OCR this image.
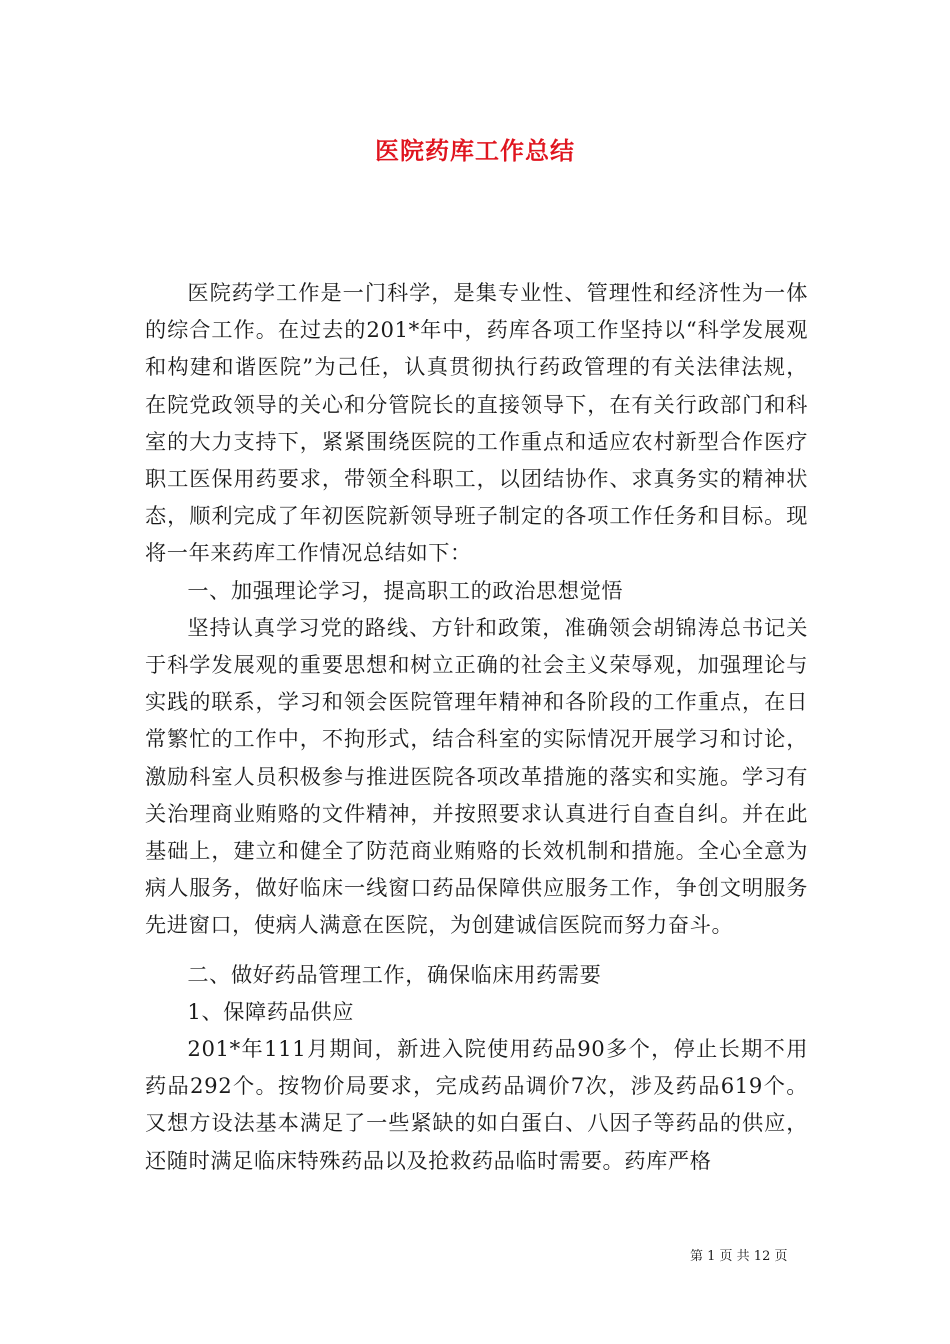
医院药库工作总结

医院药学工作是一门科学，是集专业性、管理性和经济性为一体的综合工作。在过去的201*年中，药库各项工作坚持以“科学发展观和构建和谐医院”为己任，认真贯彻执行药政管理的有关法律法规，在院党政领导的关心和分管院长的直接领导下，在有关行政部门和科室的大力支持下，紧紧围绕医院的工作重点和适应农村新型合作医疗职工医保用药要求，带领全科职工，以团结协作、求真务实的精神状态，顺利完成了年初医院新领导班子制定的各项工作任务和目标。现将一年来药库工作情况总结如下：

一、加强理论学习，提高职工的政治思想觉悟

坚持认真学习党的路线、方针和政策，准确领会胡锦涛总书记关于科学发展观的重要思想和树立正确的社会主义荣辱观，加强理论与实践的联系，学习和领会医院管理年精神和各阶段的工作重点，在日常繁忙的工作中，不拘形式，结合科室的实际情况开展学习和讨论，激励科室人员积极参与推进医院各项改革措施的落实和实施。学习有关治理商业贿赂的文件精神，并按照要求认真进行自查自纠。并在此基础上，建立和健全了防范商业贿赂的长效机制和措施。全心全意为病人服务，做好临床一线窗口药品保障供应服务工作，争创文明服务先进窗口，使病人满意在医院，为创建诚信医院而努力奋斗。

二、做好药品管理工作，确保临床用药需要

1、保障药品供应

201*年111月期间，新进入院使用药品90多个，停止长期不用药品292个。按物价局要求，完成药品调价7次，涉及药品619个。又想方设法基本满足了一些紧缺的如白蛋白、八因子等药品的供应，还随时满足临床特殊药品以及抢救药品临时需要。药库严格

第 1 页 共 12 页
